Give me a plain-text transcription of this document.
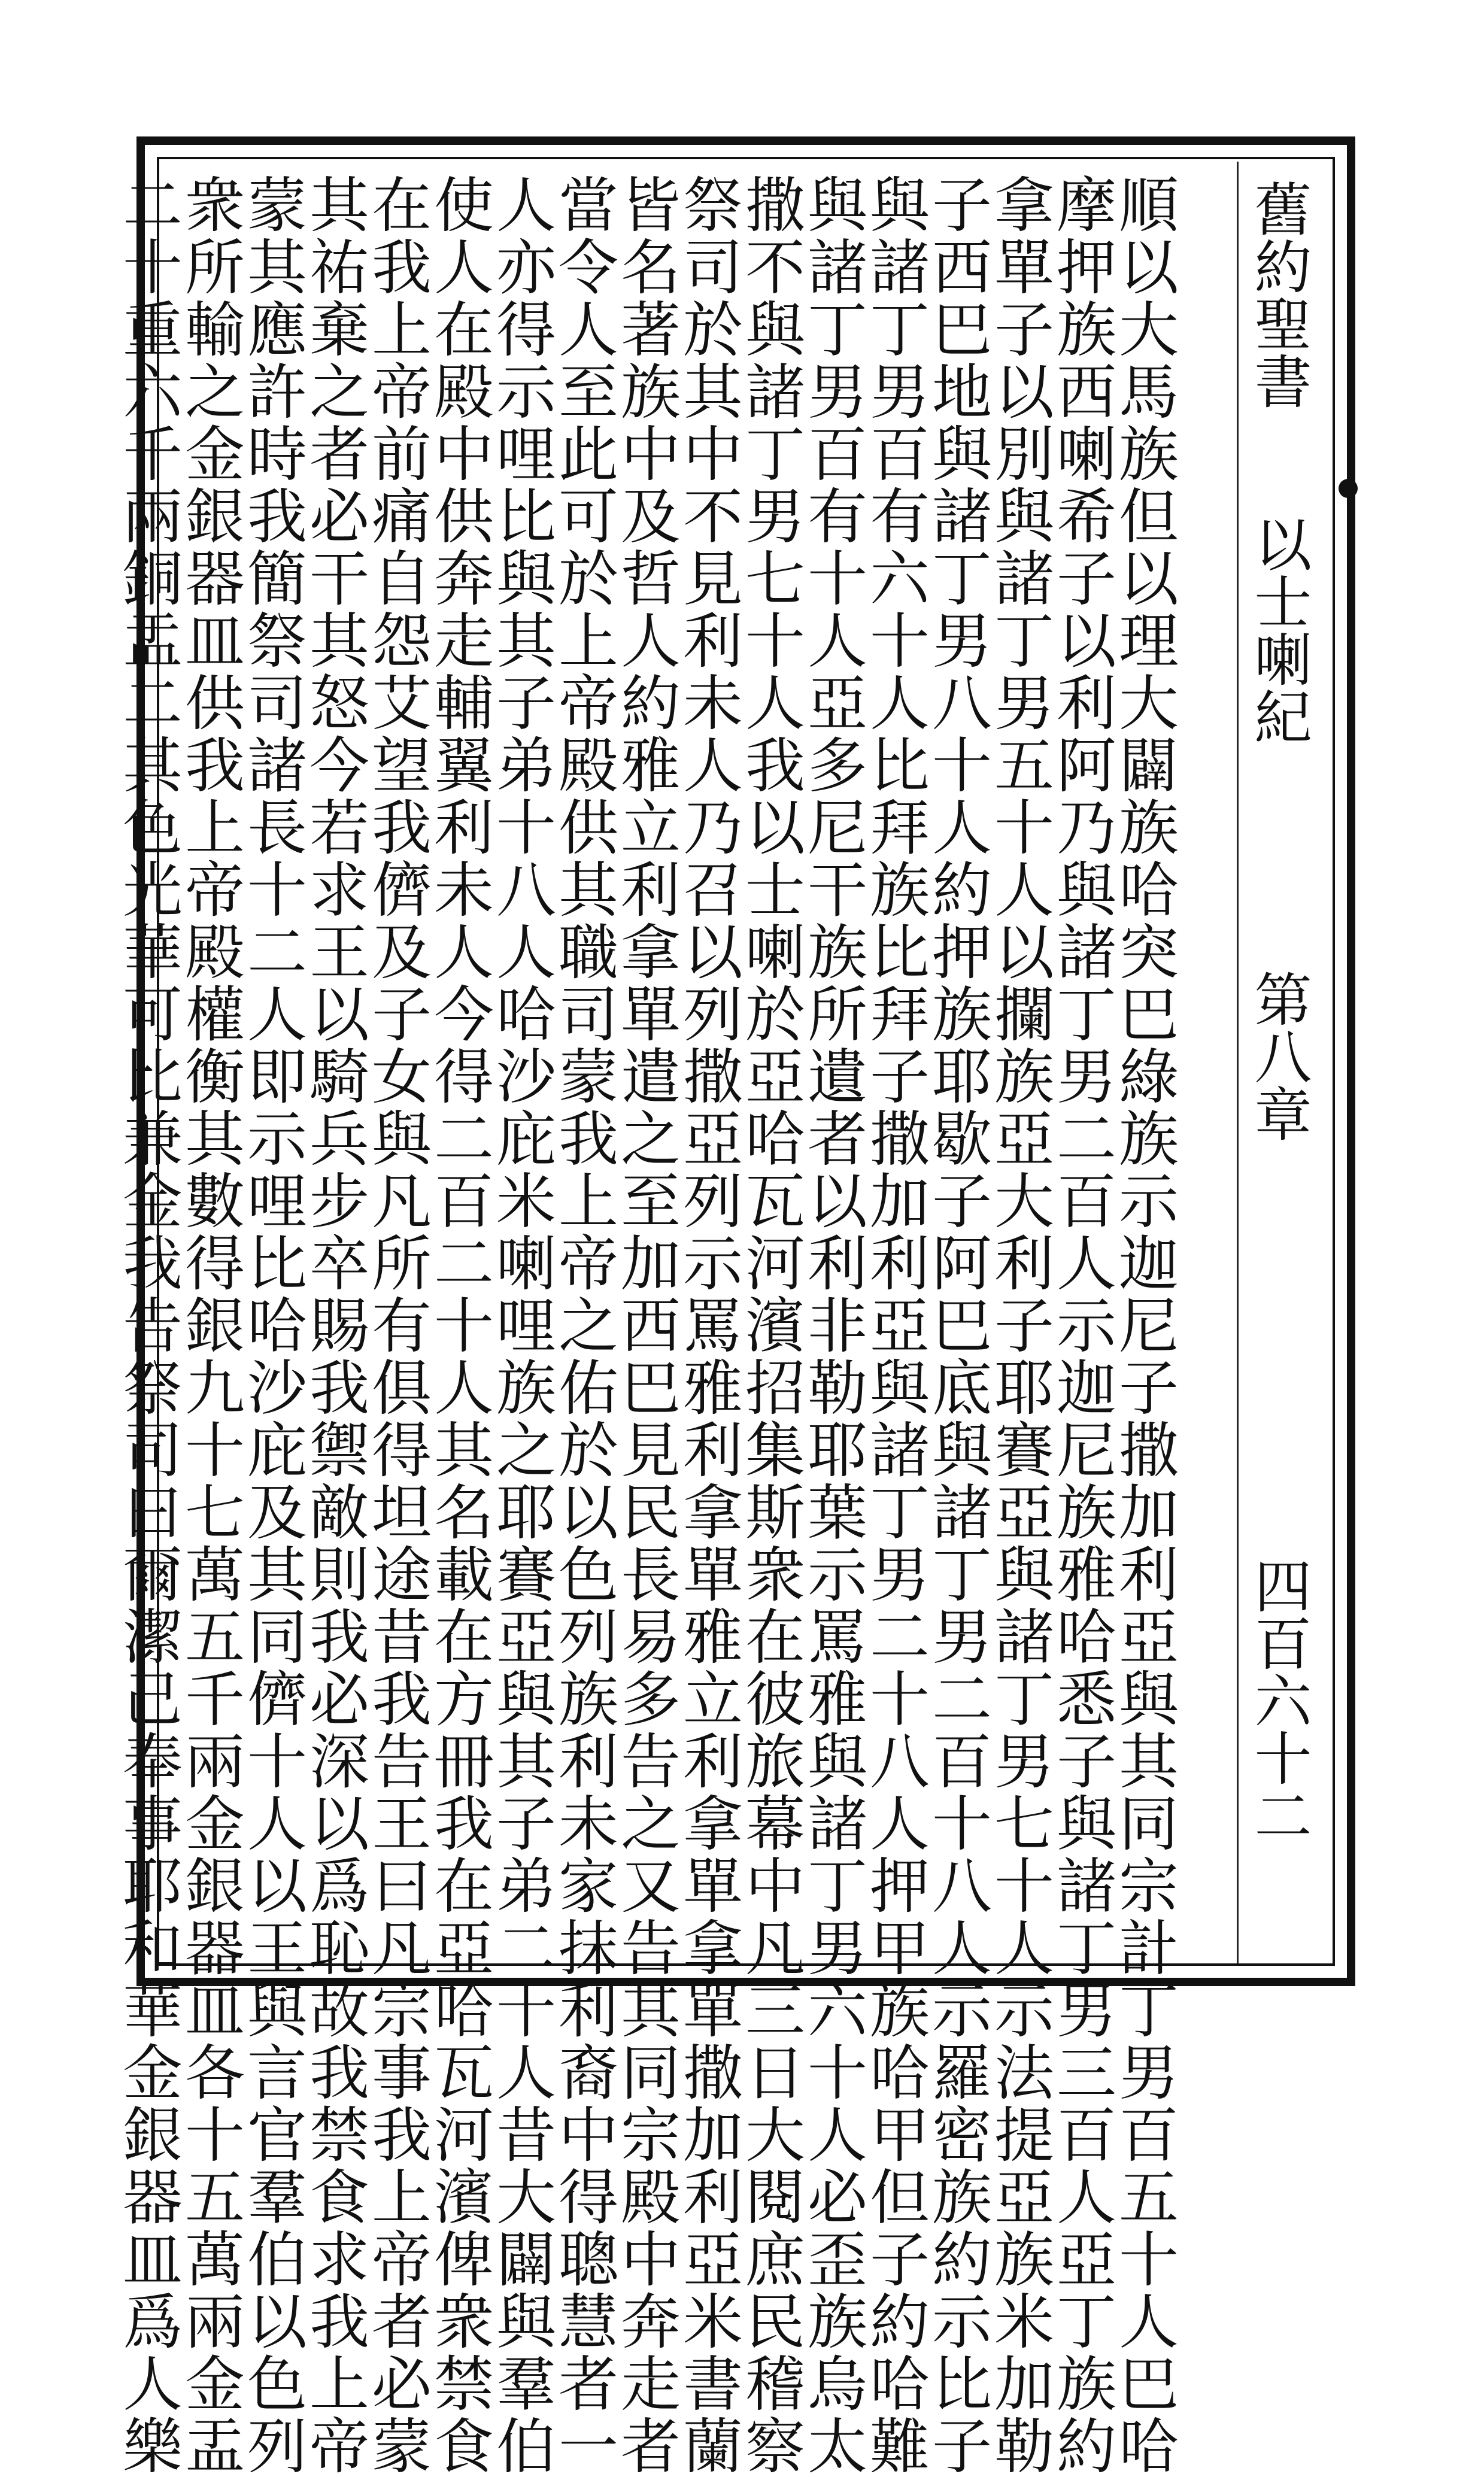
舊約聖書
以士喇紀
第八章
四百六十二
順以大馬族但以理大闢族哈突巴綠族示迦尼子撒加利亞與其同宗計丁男百五十人巴哈
摩押族西喇希子以利阿乃與諸丁男二百人示迦尼族雅哈悉子與諸丁男三百人亞丁族約
拿單子以別與諸丁男五十人以攔族亞大利子耶賽亞與諸丁男七十人示法提亞族米加勒
子西巴地與諸丁男八十人約押族耶歇子阿巴底與諸丁男二百十八人示羅密族約示比子
與諸丁男百有六十人比拜族比拜子撒加利亞與諸丁男二十八人押甲族哈甲但子約哈難
與諸丁男百有十人亞多尼干族所遺者以利非勒耶葉示罵雅與諸丁男六十人必歪族烏太
撒不與諸丁男七十人我以士喇於亞哈瓦河濱招集斯衆在彼旅幕中凡三日大閱庶民稽察
祭司於其中不見利未人乃召以列撒亞列示罵雅利拿單雅立利拿單拿單撒加利亞米書蘭
皆名著族中及哲人約雅立利拿單遣之至加西巴見民長易多告之又告其同宗殿中奔走者
當令人至此可於上帝殿供其職司蒙我上帝之佑於以色列族利未家抹利裔中得聰慧者一
人亦得示哩比與其子弟十八人哈沙庇米喇哩族之耶賽亞與其子弟二十人昔大闢與羣伯
使人在殿中供奔走輔翼利未人今得二百二十人其名載在方冊我在亞哈瓦河濱俾衆禁食
在我上帝前痛自怨艾望我儕及子女與凡所有俱得坦途昔我告王曰凡宗事我上帝者必蒙
其祐棄之者必干其怒今若求王以騎兵步卒賜我禦敵則我必深以爲恥故我禁食求我上帝
蒙其應許時我簡祭司諸長十二人即示哩比哈沙庇及其同儕十人以王與言官羣伯以色列
衆所輸之金銀器皿供我上帝殿權衡其數得銀九十七萬五千兩金銀器皿各十五萬兩金盂
二十重六千兩銅盂二其色光華可比兼金我告祭司曰爾潔己奉事耶和華金銀器皿爲人樂
